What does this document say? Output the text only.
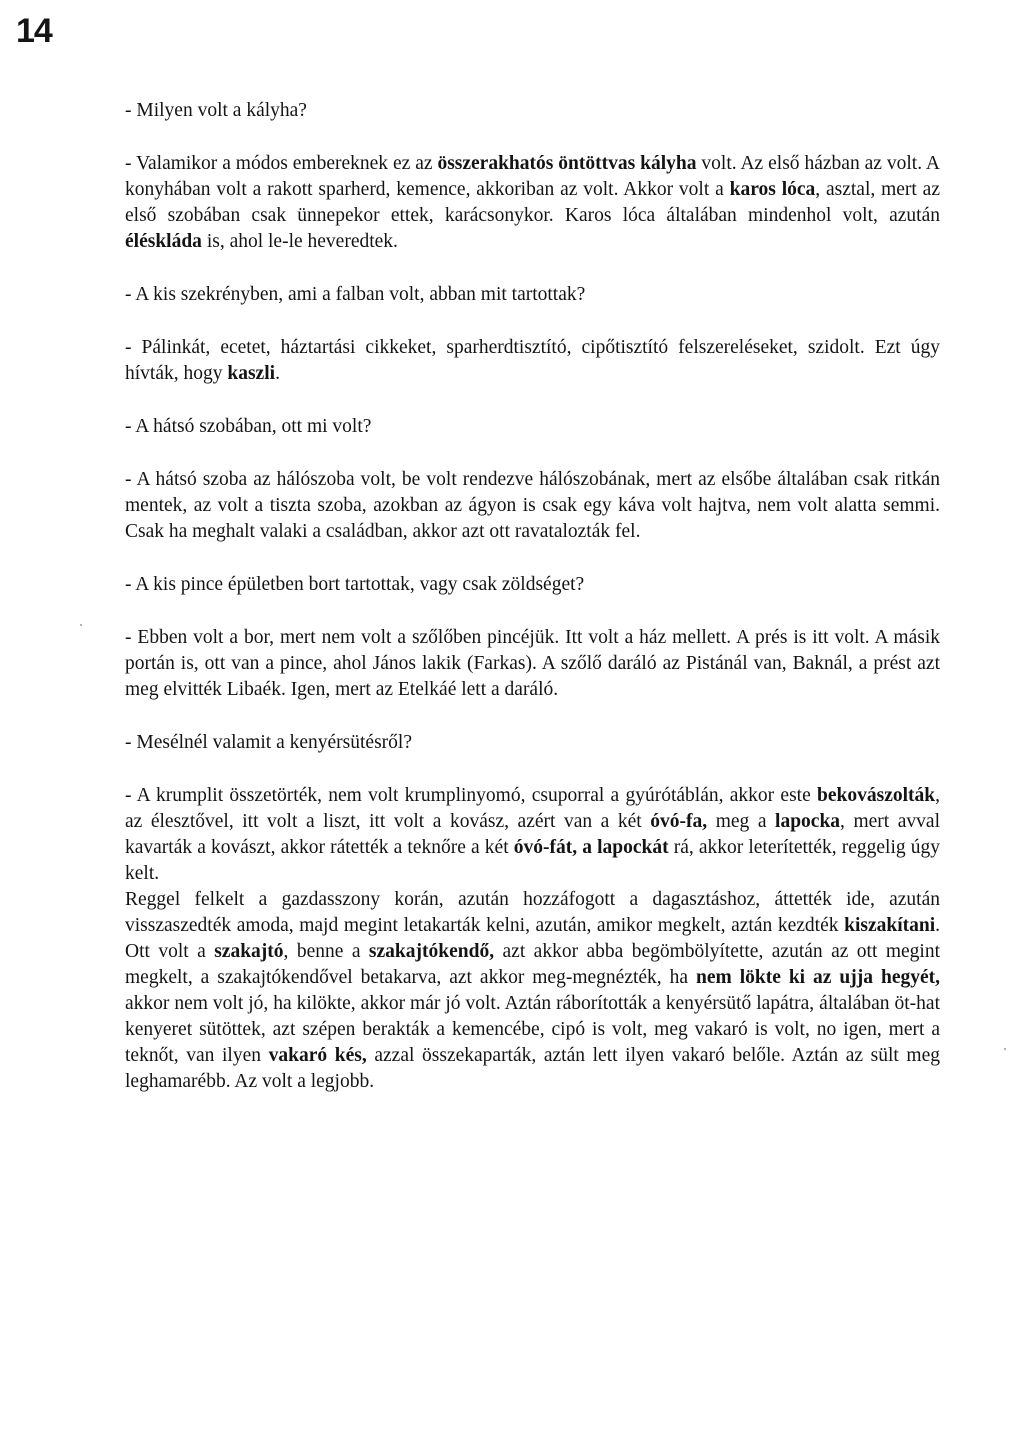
14

- Milyen volt a kályha?

- Valamikor a módos embereknek ez az összerakhatós öntöttvas kályha volt. Az első házban az volt. A konyhában volt a rakott sparherd, kemence, akkoriban az volt. Akkor volt a karos lóca, asztal, mert az első szobában csak ünnepekor ettek, karácsonykor. Karos lóca általában mindenhol volt, azután éléskláda is, ahol le-le heveredtek.

- A kis szekrényben, ami a falban volt, abban mit tartottak?

- Pálinkát, ecetet, háztartási cikkeket, sparherdtisztító, cipőtisztító felszereléseket, szidolt. Ezt úgy hívták, hogy kaszli.

- A hátsó szobában, ott mi volt?

- A hátsó szoba az hálószoba volt, be volt rendezve hálószobának, mert az elsőbe általában csak ritkán mentek, az volt a tiszta szoba, azokban az ágyon is csak egy káva volt hajtva, nem volt alatta semmi. Csak ha meghalt valaki a családban, akkor azt ott ravatalozták fel.

- A kis pince épületben bort tartottak, vagy csak zöldséget?

- Ebben volt a bor, mert nem volt a szőlőben pincéjük. Itt volt a ház mellett. A prés is itt volt. A másik portán is, ott van a pince, ahol János lakik (Farkas). A szőlő daráló az Pistánál van, Baknál, a prést azt meg elvitték Libaék. Igen, mert az Etelkáé lett a daráló.

- Mesélnél valamit a kenyérsütésről?

- A krumplit összetörték, nem volt krumplinyomó, csuporral a gyúrótáblán, akkor este bekovászolták, az élesztővel, itt volt a liszt, itt volt a kovász, azért van a két óvó-fa, meg a lapocka, mert avval kavarták a kovászt, akkor rátették a teknőre a két óvó-fát, a lapockát rá, akkor leterítették, reggelig úgy kelt.

Reggel felkelt a gazdasszony korán, azután hozzáfogott a dagasztáshoz, áttették ide, azután visszaszedték amoda, majd megint letakarták kelni, azután, amikor megkelt, aztán kezdték kiszakítani. Ott volt a szakajtó, benne a szakajtókendő, azt akkor abba begömbölyítette, azután az ott megint megkelt, a szakajtókendővel betakarva, azt akkor meg-megnézték, ha nem lökte ki az ujja hegyét, akkor nem volt jó, ha kilökte, akkor már jó volt. Aztán ráborították a kenyérsütő lapátra, általában öt-hat kenyeret sütöttek, azt szépen berakták a kemencébe, cipó is volt, meg vakaró is volt, no igen, mert a teknőt, van ilyen vakaró kés, azzal összekaparták, aztán lett ilyen vakaró belőle. Aztán az sült meg leghamarébb. Az volt a legjobb.
